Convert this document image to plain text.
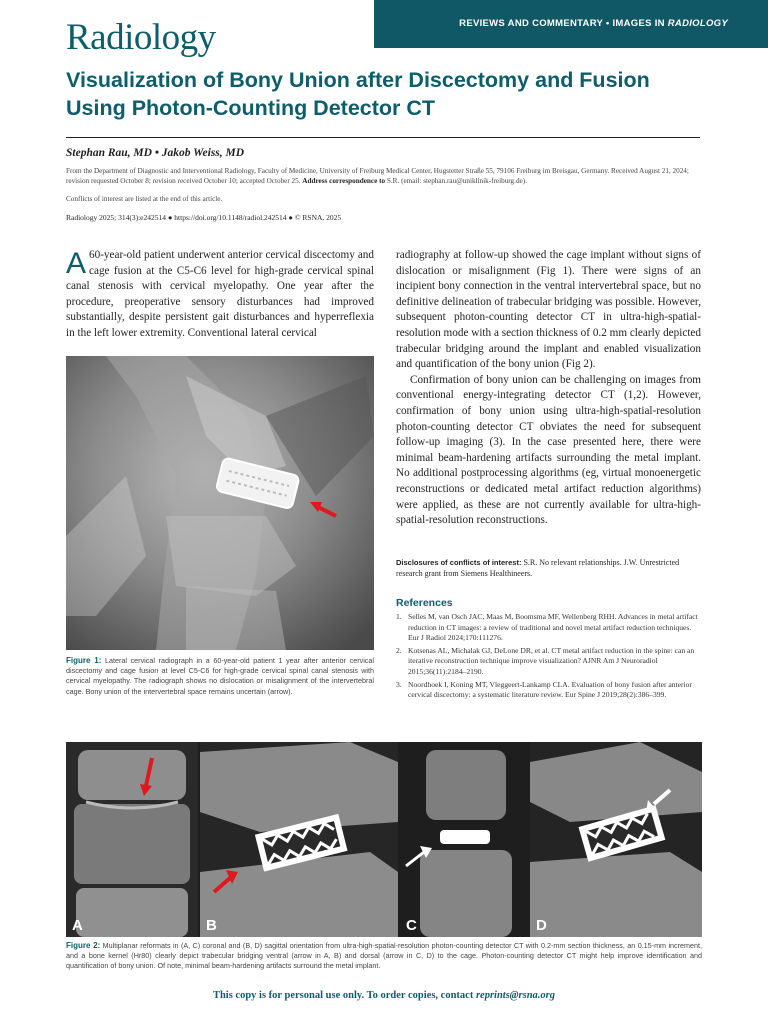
Radiology	REVIEWS AND COMMENTARY • IMAGES IN RADIOLOGY
Visualization of Bony Union after Discectomy and Fusion Using Photon-Counting Detector CT
Stephan Rau, MD • Jakob Weiss, MD
From the Department of Diagnostic and Interventional Radiology, Faculty of Medicine, University of Freiburg Medical Center, Hugstetter Straße 55, 79106 Freiburg im Breisgau, Germany. Received August 21, 2024; revision requested October 8; revision received October 10; accepted October 25. Address correspondence to S.R. (email: stephan.rau@uniklinik-freiburg.de).
Conflicts of interest are listed at the end of this article.
Radiology 2025; 314(3):e242514 ● https://doi.org/10.1148/radiol.242514 ● © RSNA, 2025

A 60-year-old patient underwent anterior cervical discectomy and cage fusion at the C5-C6 level for high-grade cervical spinal canal stenosis with cervical myelopathy. One year after the procedure, preoperative sensory disturbances had improved substantially, despite persistent gait disturbances and hyperreflexia in the left lower extremity. Conventional lateral cervical

Figure 1: Lateral cervical radiograph in a 60-year-old patient 1 year after anterior cervical discectomy and cage fusion at level C5-C6 for high-grade cervical spinal canal stenosis with cervical myelopathy. The radiograph shows no dislocation or misalignment of the intervertebral cage. Bony union of the intervertebral space remains uncertain (arrow).

radiography at follow-up showed the cage implant without signs of dislocation or misalignment (Fig 1). There were signs of an incipient bony connection in the ventral intervertebral space, but no definitive delineation of trabecular bridging was possible. However, subsequent photon-counting detector CT in ultra-high-spatial-resolution mode with a section thickness of 0.2 mm clearly depicted trabecular bridging around the implant and enabled visualization and quantification of the bony union (Fig 2).

Confirmation of bony union can be challenging on images from conventional energy-integrating detector CT (1,2). However, confirmation of bony union using ultra-high-spatial-resolution photon-counting detector CT obviates the need for subsequent follow-up imaging (3). In the case presented here, there were minimal beam-hardening artifacts surrounding the metal implant. No additional postprocessing algorithms (eg, virtual monoenergetic reconstructions or dedicated metal artifact reduction algorithms) were applied, as these are not currently available for ultra-high-spatial-resolution reconstructions.

Disclosures of conflicts of interest: S.R. No relevant relationships. J.W. Unrestricted research grant from Siemens Healthineers.
References
1. Selles M, van Osch JAC, Maas M, Boomsma MF, Wellenberg RHH. Advances in metal artifact reduction in CT images: a review of traditional and novel metal artifact reduction techniques. Eur J Radiol 2024;170:111276.
2. Kotsenas AL, Michalak GJ, DeLone DR, et al. CT metal artifact reduction in the spine: can an iterative reconstruction technique improve visualization? AJNR Am J Neuroradiol 2015;36(11):2184–2190.
3. Noordhoek I, Koning MT, Vleggeert-Lankamp CLA. Evaluation of bony fusion after anterior cervical discectomy: a systematic literature review. Eur Spine J 2019;28(2):386–399.
A	B	C	D
Figure 2: Multiplanar reformats in (A, C) coronal and (B, D) sagittal orientation from ultra-high-spatial-resolution photon-counting detector CT with 0.2-mm section thickness, an 0.15-mm increment, and a bone kernel (Hr80) clearly depict trabecular bridging ventral (arrow in A, B) and dorsal (arrow in C, D) to the cage. Photon-counting detector CT might help improve identification and quantification of bony union. Of note, minimal beam-hardening artifacts surround the metal implant.
This copy is for personal use only. To order copies, contact reprints@rsna.org
